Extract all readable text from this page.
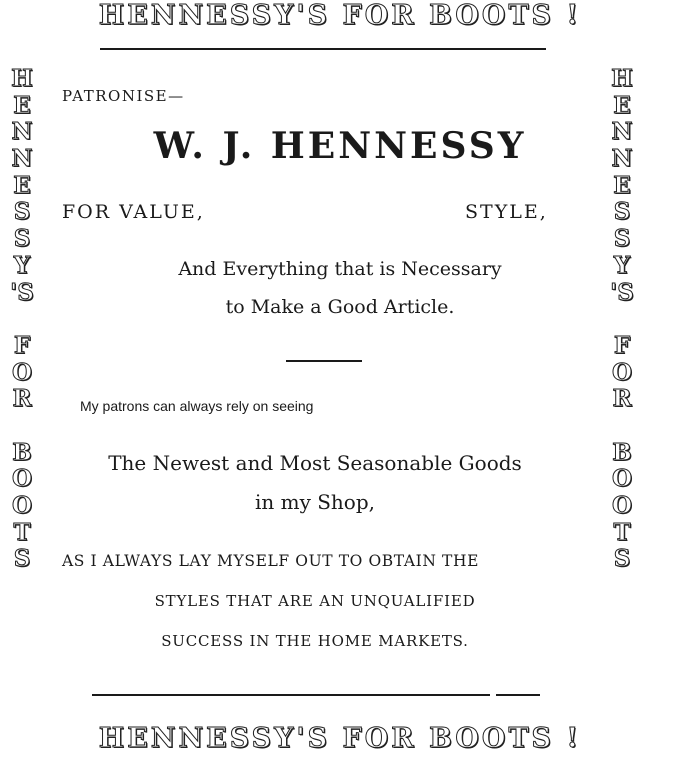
HENNESSY'S FOR BOOTS !
H
E
N
N
E
S
S
Y
'S
F
O
R
B
O
O
T
S
H
E
N
N
E
S
S
Y
'S
F
O
R
B
O
O
T
S
PATRONISE—
W. J. HENNESSY
FOR VALUE,	STYLE,
And Everything that is Necessary
to Make a Good Article.
My patrons can always rely on seeing
The Newest and Most Seasonable Goods
in my Shop,
AS I ALWAYS LAY MYSELF OUT TO OBTAIN THE
STYLES THAT ARE AN UNQUALIFIED
SUCCESS IN THE HOME MARKETS.
HENNESSY'S FOR BOOTS !
